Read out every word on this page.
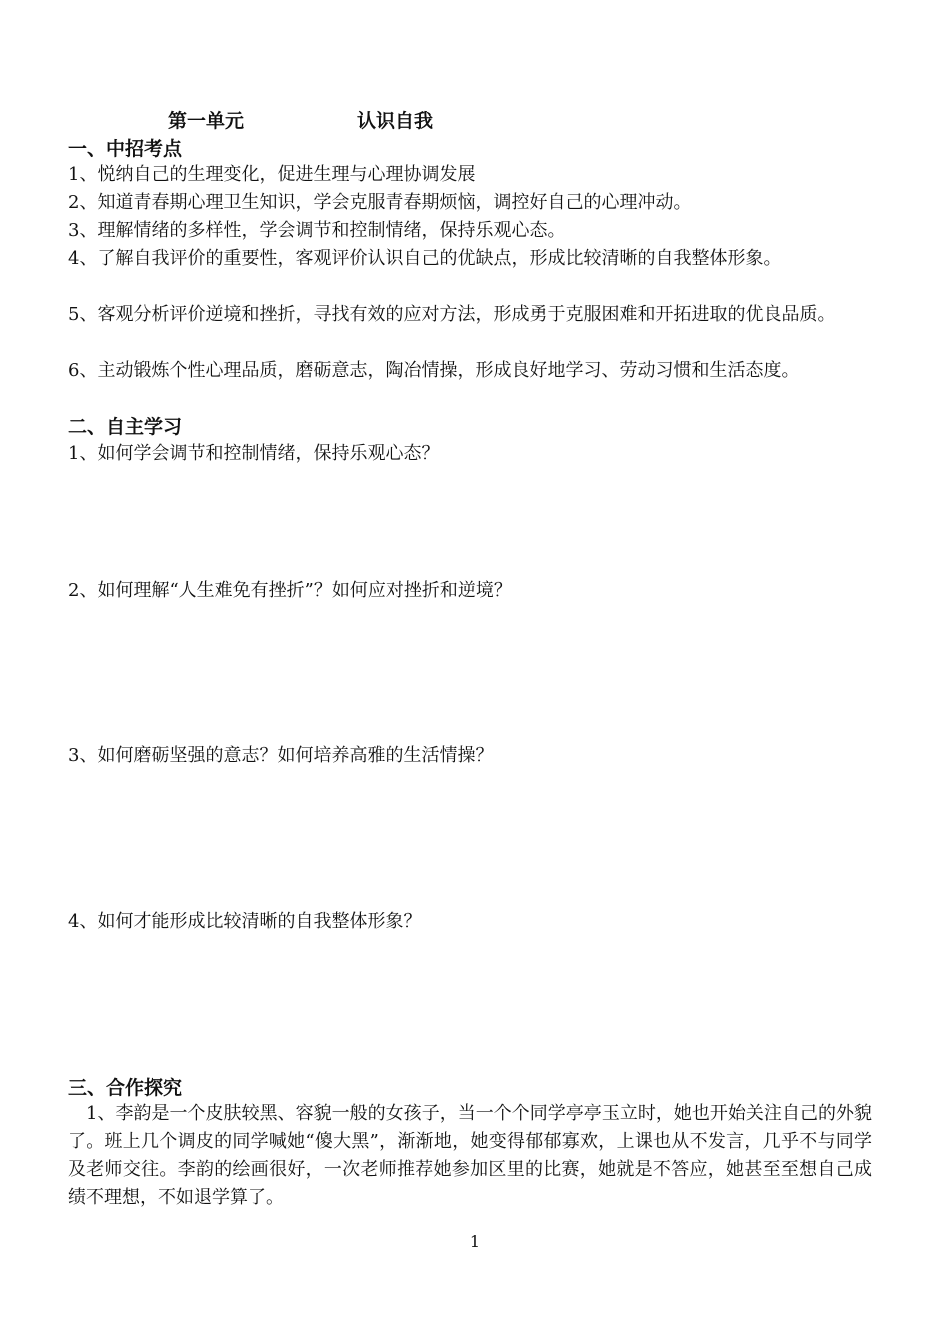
第一单元	认识自我
一、中招考点
1、悦纳自己的生理变化，促进生理与心理协调发展
2、知道青春期心理卫生知识，学会克服青春期烦恼，调控好自己的心理冲动。
3、理解情绪的多样性，学会调节和控制情绪，保持乐观心态。
4、了解自我评价的重要性，客观评价认识自己的优缺点，形成比较清晰的自我整体形象。
5、客观分析评价逆境和挫折，寻找有效的应对方法，形成勇于克服困难和开拓进取的优良品质。
6、主动锻炼个性心理品质，磨砺意志，陶冶情操，形成良好地学习、劳动习惯和生活态度。
二、自主学习
1、如何学会调节和控制情绪，保持乐观心态？
2、如何理解“人生难免有挫折”？如何应对挫折和逆境？
3、如何磨砺坚强的意志？如何培养高雅的生活情操？
4、如何才能形成比较清晰的自我整体形象？
三、合作探究
1、李韵是一个皮肤较黑、容貌一般的女孩子，当一个个同学亭亭玉立时，她也开始关注自己的外貌了。班上几个调皮的同学喊她“傻大黑”，渐渐地，她变得郁郁寡欢，上课也从不发言，几乎不与同学及老师交往。李韵的绘画很好，一次老师推荐她参加区里的比赛，她就是不答应，她甚至至想自己成绩不理想，不如退学算了。
1
